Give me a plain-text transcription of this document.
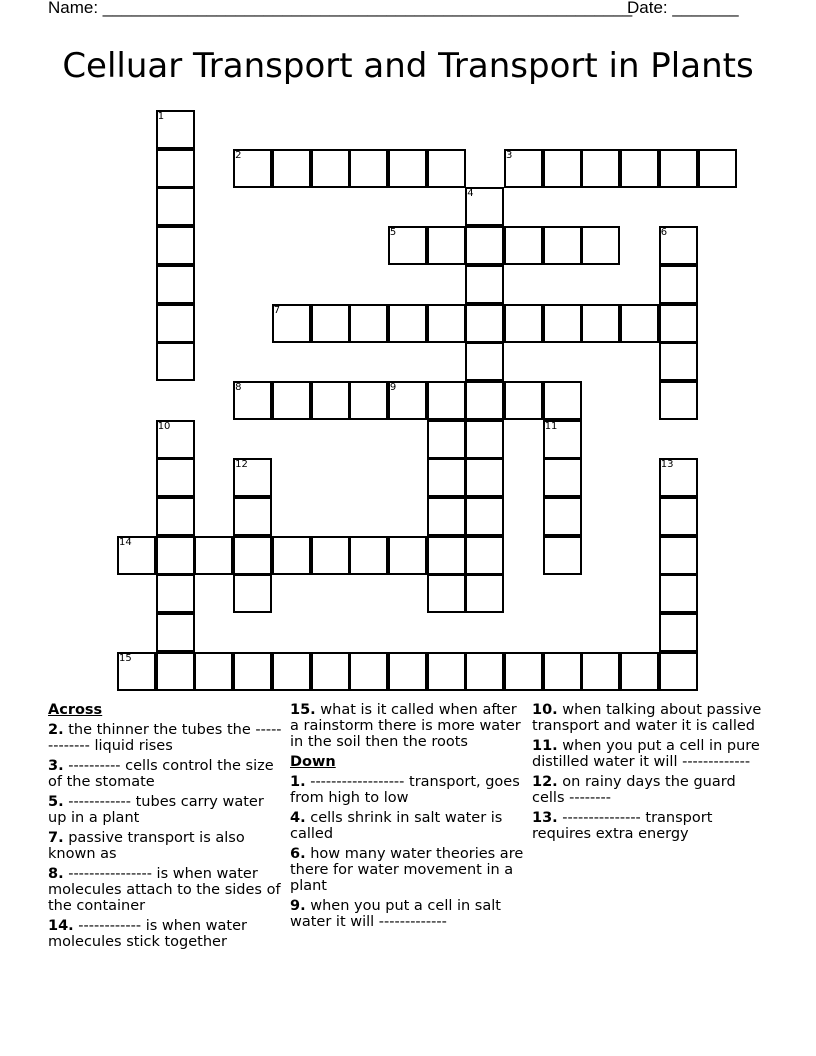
Name: ________________________________________________________
Date: _______
Celluar Transport and Transport in Plants
1
2	3
4
5	6
7
8	9
10	11
12	13
14
15
Across
2. the thinner the tubes the ------------- liquid rises
3. ---------- cells control the size of the stomate
5. ------------ tubes carry water up in a plant
7. passive transport is also known as
8. ---------------- is when water molecules attach to the sides of the container
14. ------------ is when water molecules stick together
15. what is it called when after a rainstorm there is more water in the soil then the roots
Down
1. ------------------ transport, goes from high to low
4. cells shrink in salt water is called
6. how many water theories are there for water movement in a plant
9. when you put a cell in salt water it will -------------
10. when talking about passive transport and water it is called
11. when you put a cell in pure distilled water it will -------------
12. on rainy days the guard cells --------
13. --------------- transport requires extra energy
